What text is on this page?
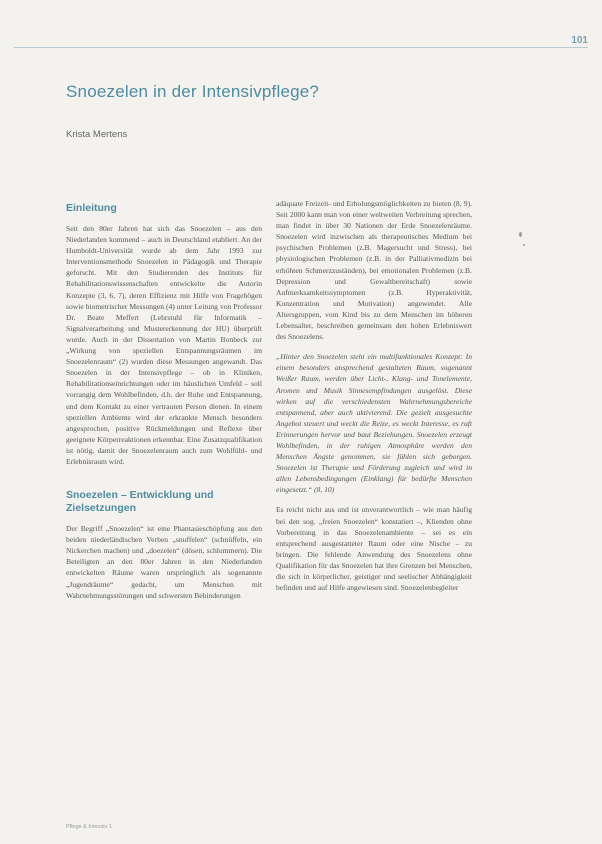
101
Snoezelen in der Intensivpflege?
Krista Mertens
Einleitung

Seit den 80er Jahren hat sich das Snoezelen – aus den Niederlanden kommend – auch in Deutschland etabliert. An der Humboldt-Universität wurde ab dem Jahr 1993 zur Interventionsmethode Snoezelen in Pädagogik und Therapie geforscht. Mit den Studierenden des Instituts für Rehabilitationswissenschaften entwickelte die Autorin Konzepte (3, 6, 7), deren Effizienz mit Hilfe von Fragebögen sowie biometrischer Messungen (4) unter Leitung von Professor Dr. Beate Meffert (Lehrstuhl für Informatik – Signalverarbeitung und Mustererkennung der HU) überprüft wurde. Auch in der Dissertation von Martin Bonbeck zur „Wirkung von speziellen Entspannungsräumen im Snoezelenraum“ (2) wurden diese Messungen angewandt. Das Snoezelen in der Intensivpflege – ob in Kliniken, Rehabilitationseinrichtungen oder im häuslichen Umfeld – soll vorrangig dem Wohlbefinden, d.h. der Ruhe und Entspannung, und dem Kontakt zu einer vertrauten Person dienen. In einem speziellen Ambiente wird der erkrankte Mensch besonders angesprochen, positive Rückmeldungen und Reflexe über geeignete Körperreaktionen erkennbar. Eine Zusatzqualifikation ist nötig, damit der Snoezelenraum auch zum Wohlfühl- und Erlebnisraum wird.

Snoezelen – Entwicklung und Zielsetzungen

Der Begriff „Snoezelen“ ist eine Phantasieschöpfung aus den beiden niederländischen Verben „snuffelen“ (schnüffeln, ein Nickerchen machen) und „doezelen“ (dösen, schlummern). Die Beteiligten an den 80er Jahren in den Niederlanden entwickelten Räume waren ursprünglich als sogenannte „Jugendräume“ gedacht, um Menschen mit Wahrnehmungsstörungen und schwersten Behinderungen

adäquate Freizeit- und Erholungsmöglichkeiten zu bieten (8, 9). Seit 2000 kann man von einer weltweiten Verbreitung sprechen, man findet in über 30 Nationen der Erde Snoezelenräume. Snoezelen wird inzwischen als therapeutisches Medium bei psychischen Problemen (z.B. Magersucht und Stress), bei physiologischen Problemen (z.B. in der Palliativmedizin bei erhöhten Schmerzzuständen), bei emotionalen Problemen (z.B. Depression und Gewaltbereitschaft) sowie Aufmerksamkeitssymptomen (z.B. Hyperaktivität, Konzentration und Motivation) angewendet. Alle Altersgruppen, vom Kind bis zu dem Menschen im höheren Lebensalter, beschreiben gemeinsam den hohen Erlebniswert des Snoezelens.

„Hinter den Snoezelen steht ein multifunktionales Konzept: In einem besonders ansprechend gestalteten Raum, sogenannt Weißer Raum, werden über Licht-, Klang- und Tonelemente, Aromen und Musik Sinnesempfindungen ausgelöst. Diese wirken auf die verschiedensten Wahrnehmungsbereiche entspannend, aber auch aktivierend. Die gezielt ausgesuchte Angebot steuert und weckt die Reize, es weckt Interesse, es ruft Erinnerungen hervor und baut Beziehungen. Snoezelen erzeugt Wohlbefinden, in der ruhigen Atmosphäre werden den Menschen Ängste genommen, sie fühlen sich geborgen. Snoezelen ist Therapie und Förderung zugleich und wird in allen Lebensbedingungen (Einklang) für bedürfte Menschen eingesetzt.“ (8, 10)

Es reicht nicht aus und ist unverantwortlich – wie man häufig bei den sog. „freien Snoezelen“ konstatiert –, Klienden ohne Vorbereitung in das Snoezelenambiente – sei es ein entsprechend ausgestatteter Raum oder eine Nische – zu bringen. Die fehlende Anwendung des Snoezelens ohne Qualifikation für das Snoezelen hat ihre Grenzen bei Menschen, die sich in körperlicher, geistiger und seelischer Abhängigkeit befinden und auf Hilfe angewiesen sind. Snoezelenbegleiter

Pflege & Intensiv 1
